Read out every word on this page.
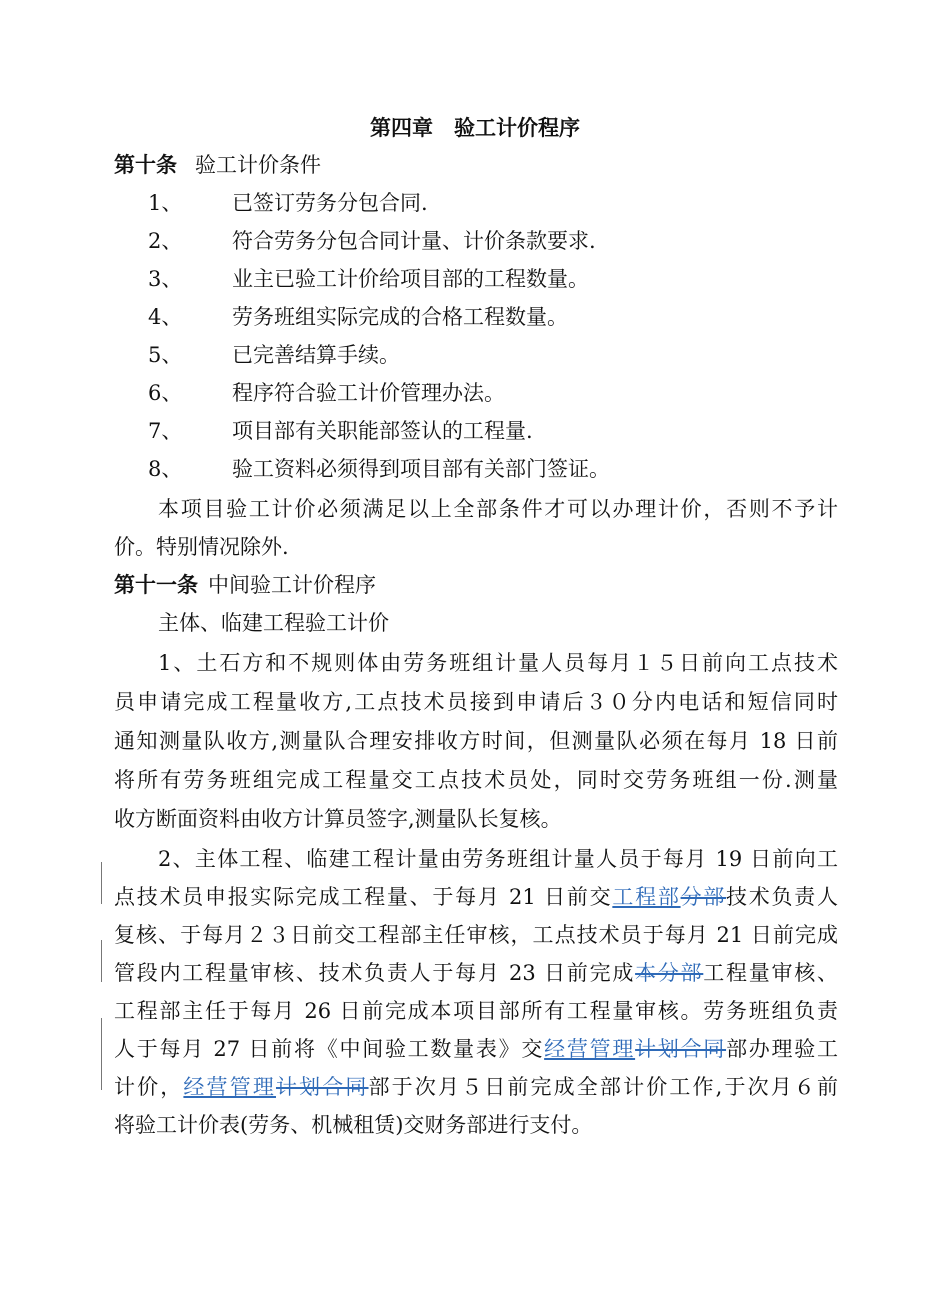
第四章　验工计价程序
第十条 验工计价条件
1、 已签订劳务分包合同.
2、 符合劳务分包合同计量、计价条款要求.
3、 业主已验工计价给项目部的工程数量。
4、 劳务班组实际完成的合格工程数量。
5、 已完善结算手续。
6、 程序符合验工计价管理办法。
7、 项目部有关职能部签认的工程量.
8、 验工资料必须得到项目部有关部门签证。
本项目验工计价必须满足以上全部条件才可以办理计价，否则不予计
价。特别情况除外.
第十一条 中间验工计价程序
主体、临建工程验工计价
1、土石方和不规则体由劳务班组计量人员每月１５日前向工点技术
员申请完成工程量收方,工点技术员接到申请后３０分内电话和短信同时
通知测量队收方,测量队合理安排收方时间，但测量队必须在每月 18 日前
将所有劳务班组完成工程量交工点技术员处，同时交劳务班组一份.测量
收方断面资料由收方计算员签字,测量队长复核。
2、主体工程、临建工程计量由劳务班组计量人员于每月 19 日前向工
点技术员申报实际完成工程量、于每月 21 日前交工程部分部技术负责人
复核、于每月２３日前交工程部主任审核，工点技术员于每月 21 日前完成
管段内工程量审核、技术负责人于每月 23 日前完成本分部工程量审核、
工程部主任于每月 26 日前完成本项目部所有工程量审核。劳务班组负责
人于每月 27 日前将《中间验工数量表》交经营管理计划合同部办理验工
计价，经营管理计划合同部于次月５日前完成全部计价工作,于次月６前
将验工计价表(劳务、机械租赁)交财务部进行支付。
